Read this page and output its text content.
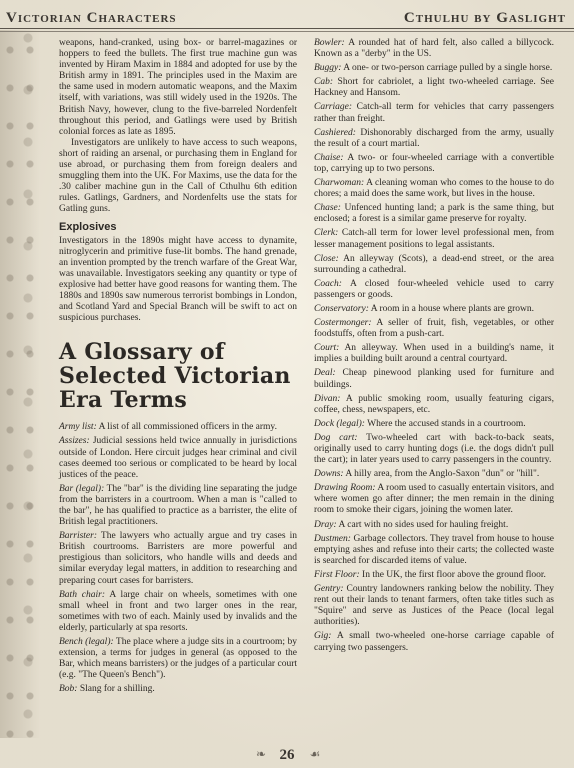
Victorian Characters	Cthulhu by Gaslight

weapons, hand-cranked, using box- or barrel-magazines or hoppers to feed the bullets. The first true machine gun was invented by Hiram Maxim in 1884 and adopted for use by the British army in 1891. The principles used in the Maxim are the same used in modern automatic weapons, and the Maxim itself, with variations, was still widely used in the 1920s. The British Navy, however, clung to the five-barreled Nordenfelt throughout this period, and Gatlings were used by British colonial forces as late as 1895.

Investigators are unlikely to have access to such weapons, short of raiding an arsenal, or purchasing them in England for use abroad, or purchasing them from foreign dealers and smuggling them into the UK. For Maxims, use the data for the .30 caliber machine gun in the Call of Cthulhu 6th edition rules. Gatlings, Gardners, and Nordenfelts use the stats for Gatling guns.

Explosives

Investigators in the 1890s might have access to dynamite, nitroglycerin and primitive fuse-lit bombs. The hand grenade, an invention prompted by the trench warfare of the Great War, was unavailable. Investigators seeking any quantity or type of explosive had better have good reasons for wanting them. The 1880s and 1890s saw numerous terrorist bombings in London, and Scotland Yard and Special Branch will be swift to act on suspicious purchases.

A Glossary of Selected Victorian Era Terms

Army list: A list of all commissioned officers in the army.

Assizes: Judicial sessions held twice annually in jurisdictions outside of London. Here circuit judges hear criminal and civil cases deemed too serious or complicated to be heard by local justices of the peace.

Bar (legal): The "bar" is the dividing line separating the judge from the barristers in a courtroom. When a man is "called to the bar", he has qualified to practice as a barrister, the elite of British legal practitioners.

Barrister: The lawyers who actually argue and try cases in British courtrooms. Barristers are more powerful and prestigious than solicitors, who handle wills and deeds and similar everyday legal matters, in addition to researching and preparing court cases for barristers.

Bath chair: A large chair on wheels, sometimes with one small wheel in front and two larger ones in the rear, sometimes with two of each. Mainly used by invalids and the elderly, particularly at spa resorts.

Bench (legal): The place where a judge sits in a courtroom; by extension, a terms for judges in general (as opposed to the Bar, which means barristers) or the judges of a particular court (e.g. "The Queen's Bench").

Bob: Slang for a shilling.

Bowler: A rounded hat of hard felt, also called a billycock. Known as a "derby" in the US.

Buggy: A one- or two-person carriage pulled by a single horse.

Cab: Short for cabriolet, a light two-wheeled carriage. See Hackney and Hansom.

Carriage: Catch-all term for vehicles that carry passengers rather than freight.

Cashiered: Dishonorably discharged from the army, usually the result of a court martial.

Chaise: A two- or four-wheeled carriage with a convertible top, carrying up to two persons.

Charwoman: A cleaning woman who comes to the house to do chores; a maid does the same work, but lives in the house.

Chase: Unfenced hunting land; a park is the same thing, but enclosed; a forest is a similar game preserve for royalty.

Clerk: Catch-all term for lower level professional men, from lesser management positions to legal assistants.

Close: An alleyway (Scots), a dead-end street, or the area surrounding a cathedral.

Coach: A closed four-wheeled vehicle used to carry passengers or goods.

Conservatory: A room in a house where plants are grown.

Costermonger: A seller of fruit, fish, vegetables, or other foodstuffs, often from a push-cart.

Court: An alleyway. When used in a building's name, it implies a building built around a central courtyard.

Deal: Cheap pinewood planking used for furniture and buildings.

Divan: A public smoking room, usually featuring cigars, coffee, chess, newspapers, etc.

Dock (legal): Where the accused stands in a courtroom.

Dog cart: Two-wheeled cart with back-to-back seats, originally used to carry hunting dogs (i.e. the dogs didn't pull the cart); in later years used to carry passengers in the country.

Downs: A hilly area, from the Anglo-Saxon "dun" or "hill".

Drawing Room: A room used to casually entertain visitors, and where women go after dinner; the men remain in the dining room to smoke their cigars, joining the women later.

Dray: A cart with no sides used for hauling freight.

Dustmen: Garbage collectors. They travel from house to house emptying ashes and refuse into their carts; the collected waste is searched for discarded items of value.

First Floor: In the UK, the first floor above the ground floor.

Gentry: Country landowners ranking below the nobility. They rent out their lands to tenant farmers, often take titles such as "Squire" and serve as Justices of the Peace (local legal authorities).

Gig: A small two-wheeled one-horse carriage capable of carrying two passengers.

❧ 26	☙
